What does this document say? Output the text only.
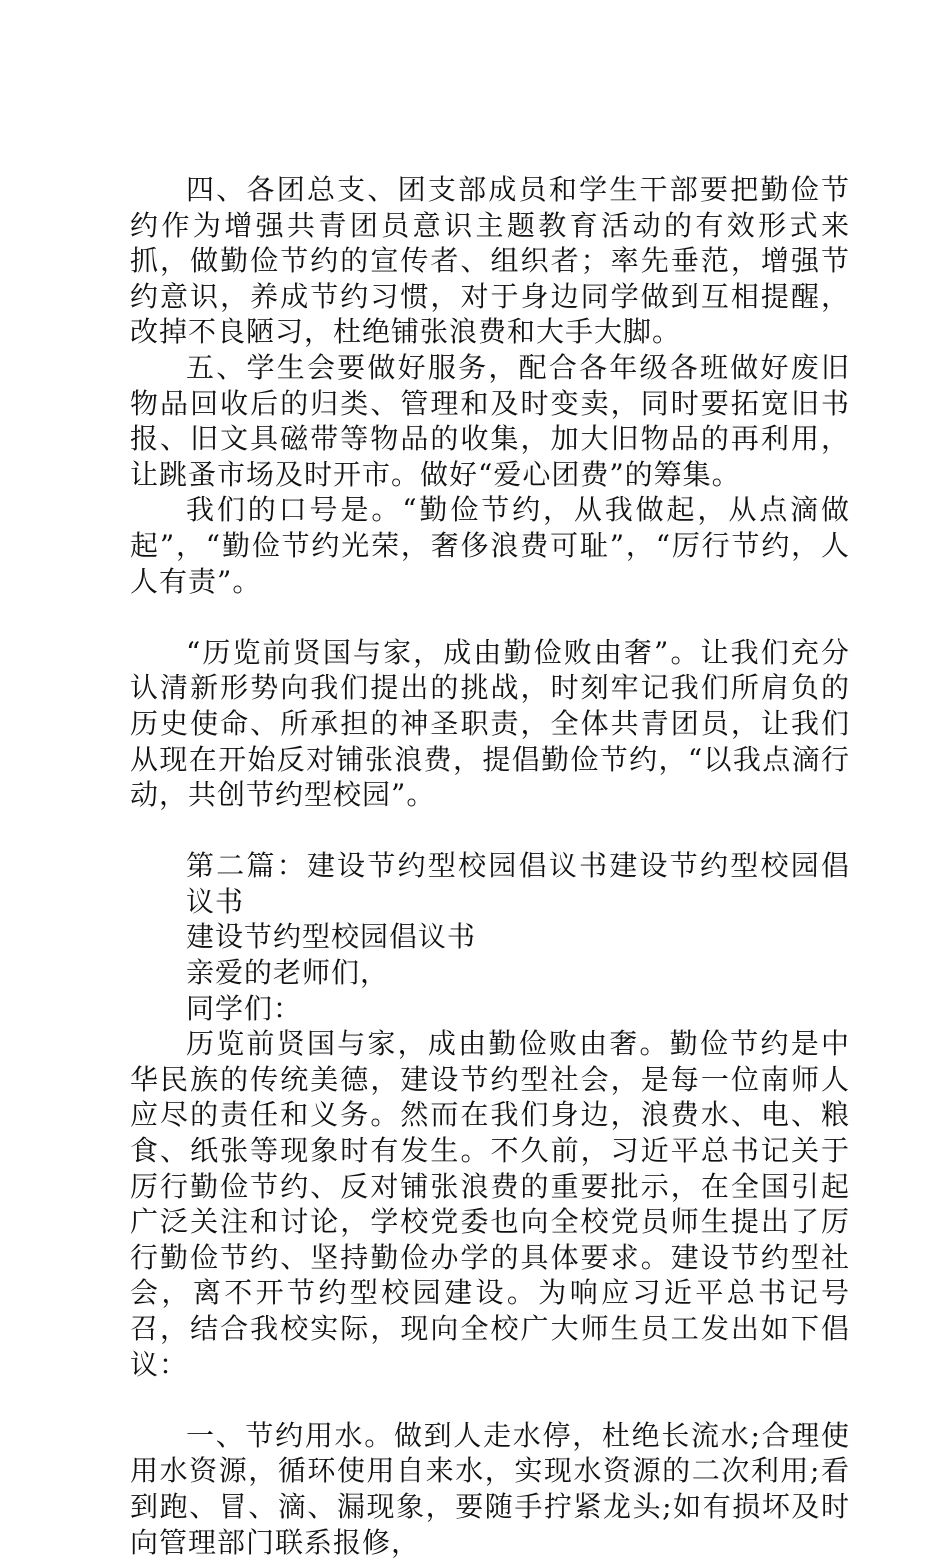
四、各团总支、团支部成员和学生干部要把勤俭节约作为增强共青团员意识主题教育活动的有效形式来抓，做勤俭节约的宣传者、组织者；率先垂范，增强节约意识，养成节约习惯，对于身边同学做到互相提醒，改掉不良陋习，杜绝铺张浪费和大手大脚。

五、学生会要做好服务，配合各年级各班做好废旧物品回收后的归类、管理和及时变卖，同时要拓宽旧书报、旧文具磁带等物品的收集，加大旧物品的再利用，让跳蚤市场及时开市。做好“爱心团费”的筹集。

我们的口号是。“勤俭节约，从我做起，从点滴做起”，“勤俭节约光荣，奢侈浪费可耻”，“厉行节约，人人有责”。

“历览前贤国与家，成由勤俭败由奢”。让我们充分认清新形势向我们提出的挑战，时刻牢记我们所肩负的历史使命、所承担的神圣职责，全体共青团员，让我们从现在开始反对铺张浪费，提倡勤俭节约，“以我点滴行动，共创节约型校园”。

第二篇：建设节约型校园倡议书建设节约型校园倡议书

建设节约型校园倡议书

亲爱的老师们，

同学们：

历览前贤国与家，成由勤俭败由奢。勤俭节约是中华民族的传统美德，建设节约型社会，是每一位南师人应尽的责任和义务。然而在我们身边，浪费水、电、粮食、纸张等现象时有发生。不久前，习近平总书记关于厉行勤俭节约、反对铺张浪费的重要批示，在全国引起广泛关注和讨论，学校党委也向全校党员师生提出了厉行勤俭节约、坚持勤俭办学的具体要求。建设节约型社会，离不开节约型校园建设。为响应习近平总书记号召，结合我校实际，现向全校广大师生员工发出如下倡议：

一、节约用水。做到人走水停，杜绝长流水;合理使用水资源，循环使用自来水，实现水资源的二次利用;看到跑、冒、滴、漏现象，要随手拧紧龙头;如有损坏及时向管理部门联系报修，
